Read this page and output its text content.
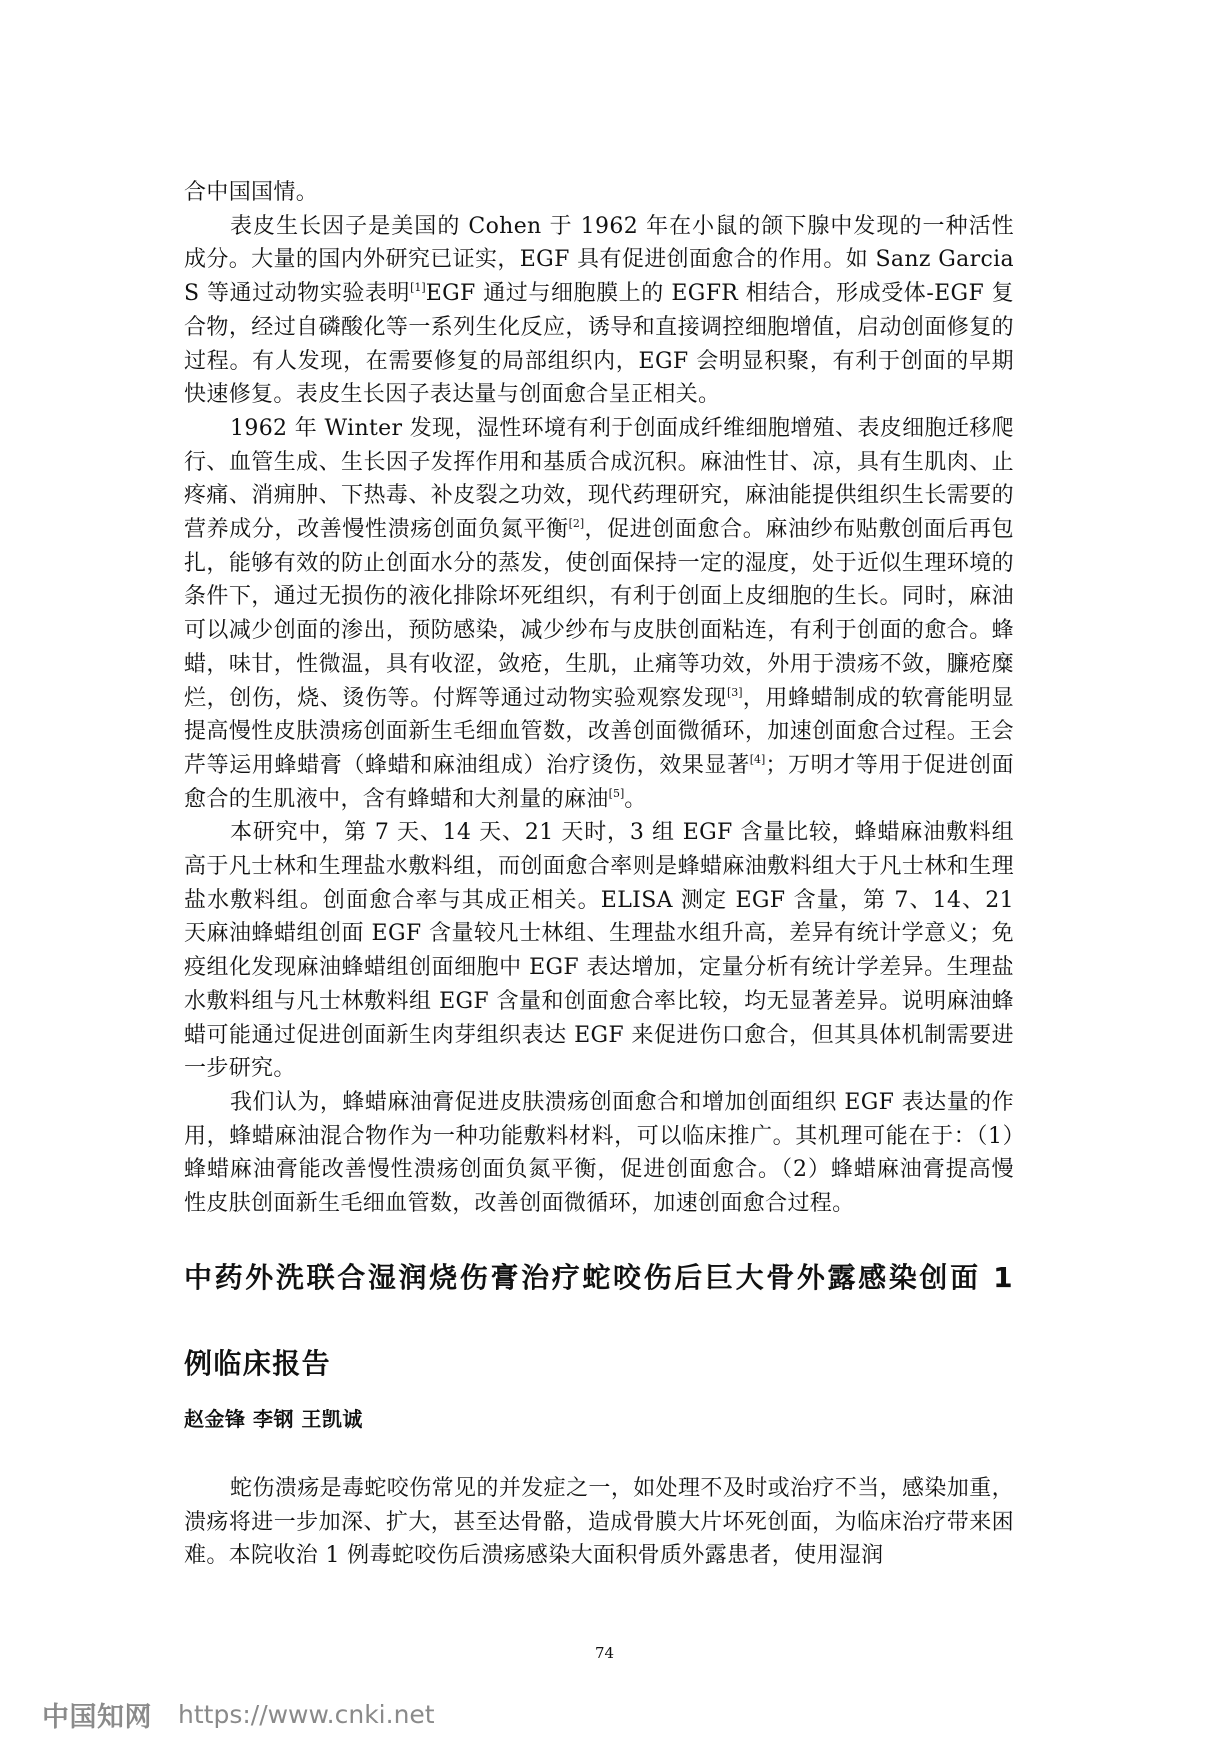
合中国国情。

表皮生长因子是美国的 Cohen 于 1962 年在小鼠的颌下腺中发现的一种活性成分。大量的国内外研究已证实，EGF 具有促进创面愈合的作用。如 Sanz Garcia S 等通过动物实验表明[1]EGF 通过与细胞膜上的 EGFR 相结合，形成受体-EGF 复合物，经过自磷酸化等一系列生化反应，诱导和直接调控细胞增值，启动创面修复的过程。有人发现，在需要修复的局部组织内，EGF 会明显积聚，有利于创面的早期快速修复。表皮生长因子表达量与创面愈合呈正相关。

1962 年 Winter 发现，湿性环境有利于创面成纤维细胞增殖、表皮细胞迁移爬行、血管生成、生长因子发挥作用和基质合成沉积。麻油性甘、凉，具有生肌肉、止疼痛、消痈肿、下热毒、补皮裂之功效，现代药理研究，麻油能提供组织生长需要的营养成分，改善慢性溃疡创面负氮平衡[2]，促进创面愈合。麻油纱布贴敷创面后再包扎，能够有效的防止创面水分的蒸发，使创面保持一定的湿度，处于近似生理环境的条件下，通过无损伤的液化排除坏死组织，有利于创面上皮细胞的生长。同时，麻油可以减少创面的渗出，预防感染，减少纱布与皮肤创面粘连，有利于创面的愈合。蜂蜡，味甘，性微温，具有收涩，敛疮，生肌，止痛等功效，外用于溃疡不敛，臁疮糜烂，创伤，烧、烫伤等。付辉等通过动物实验观察发现[3]，用蜂蜡制成的软膏能明显提高慢性皮肤溃疡创面新生毛细血管数，改善创面微循环，加速创面愈合过程。王会芹等运用蜂蜡膏（蜂蜡和麻油组成）治疗烫伤，效果显著[4]；万明才等用于促进创面愈合的生肌液中，含有蜂蜡和大剂量的麻油[5]。

本研究中，第 7 天、14 天、21 天时，3 组 EGF 含量比较，蜂蜡麻油敷料组高于凡士林和生理盐水敷料组，而创面愈合率则是蜂蜡麻油敷料组大于凡士林和生理盐水敷料组。创面愈合率与其成正相关。ELISA 测定 EGF 含量，第 7、14、21 天麻油蜂蜡组创面 EGF 含量较凡士林组、生理盐水组升高，差异有统计学意义；免疫组化发现麻油蜂蜡组创面细胞中 EGF 表达增加，定量分析有统计学差异。生理盐水敷料组与凡士林敷料组 EGF 含量和创面愈合率比较，均无显著差异。说明麻油蜂蜡可能通过促进创面新生肉芽组织表达 EGF 来促进伤口愈合，但其具体机制需要进一步研究。

我们认为，蜂蜡麻油膏促进皮肤溃疡创面愈合和增加创面组织 EGF 表达量的作用，蜂蜡麻油混合物作为一种功能敷料材料，可以临床推广。其机理可能在于：（1）蜂蜡麻油膏能改善慢性溃疡创面负氮平衡，促进创面愈合。（2）蜂蜡麻油膏提高慢性皮肤创面新生毛细血管数，改善创面微循环，加速创面愈合过程。

中药外洗联合湿润烧伤膏治疗蛇咬伤后巨大骨外露感染创面 1 例临床报告

赵金锋 李钢 王凯诚

蛇伤溃疡是毒蛇咬伤常见的并发症之一，如处理不及时或治疗不当，感染加重，溃疡将进一步加深、扩大，甚至达骨骼，造成骨膜大片坏死创面，为临床治疗带来困难。本院收治 1 例毒蛇咬伤后溃疡感染大面积骨质外露患者，使用湿润

74
中国知网 https://www.cnki.net
